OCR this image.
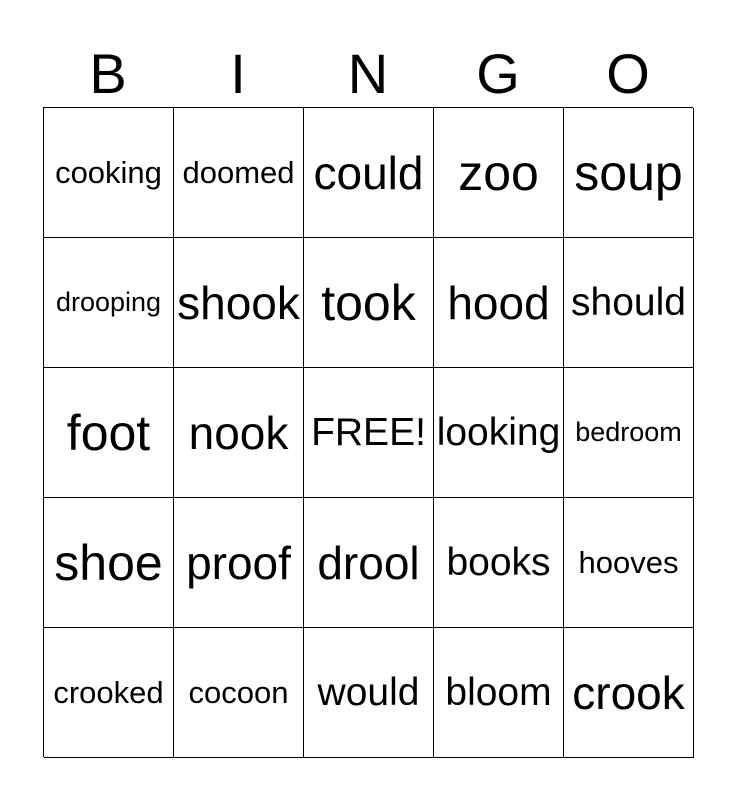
B	I	N	G	O
cooking doomed could zoo soup
drooping shook took hood should
foot nook FREE! looking bedroom
shoe proof drool books hooves
crooked cocoon would bloom crook
